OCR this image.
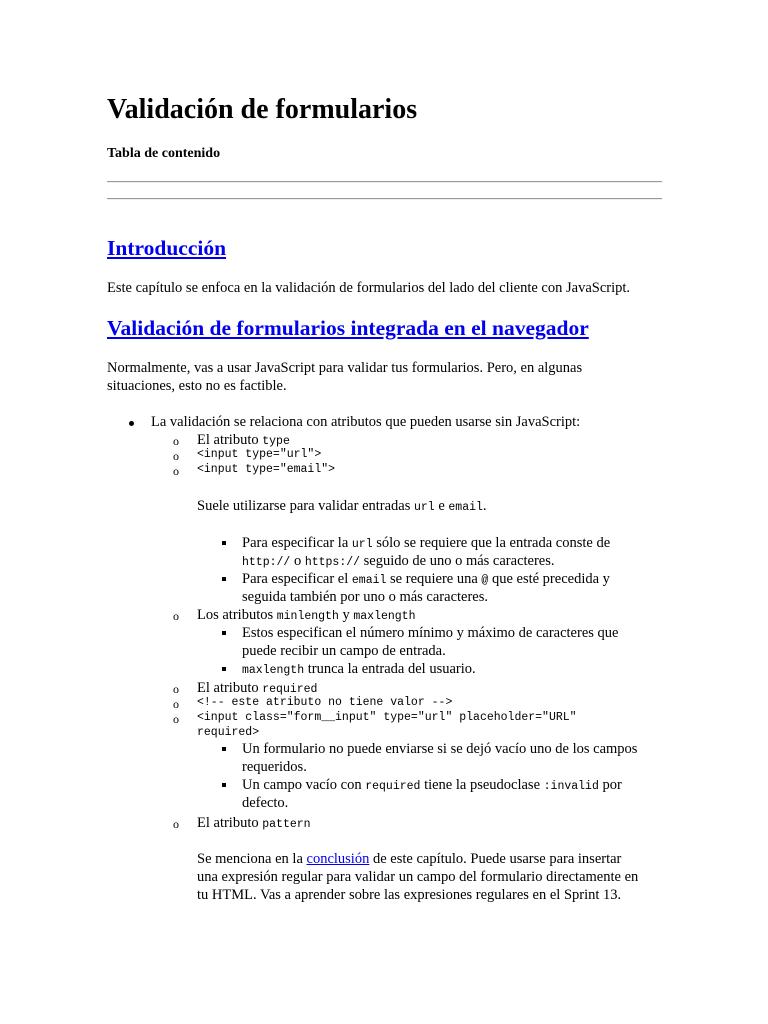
Validación de formularios
Tabla de contenido
Introducción
Este capítulo se enfoca en la validación de formularios del lado del cliente con JavaScript.
Validación de formularios integrada en el navegador
Normalmente, vas a usar JavaScript para validar tus formularios. Pero, en algunas
situaciones, esto no es factible.
La validación se relaciona con atributos que pueden usarse sin JavaScript:
o El atributo type
o <input type="url">
o <input type="email">
Suele utilizarse para validar entradas url e email.
Para especificar la url sólo se requiere que la entrada conste de
http:// o https:// seguido de uno o más caracteres.
Para especificar el email se requiere una @ que esté precedida y
seguida también por uno o más caracteres.
o Los atributos minlength y maxlength
Estos especifican el número mínimo y máximo de caracteres que
puede recibir un campo de entrada.
maxlength trunca la entrada del usuario.
o El atributo required
o <!-- este atributo no tiene valor -->
o <input class="form__input" type="url" placeholder="URL"
required>
Un formulario no puede enviarse si se dejó vacío uno de los campos
requeridos.
Un campo vacío con required tiene la pseudoclase :invalid por
defecto.
o El atributo pattern
Se menciona en la conclusión de este capítulo. Puede usarse para insertar
una expresión regular para validar un campo del formulario directamente en
tu HTML. Vas a aprender sobre las expresiones regulares en el Sprint 13.
